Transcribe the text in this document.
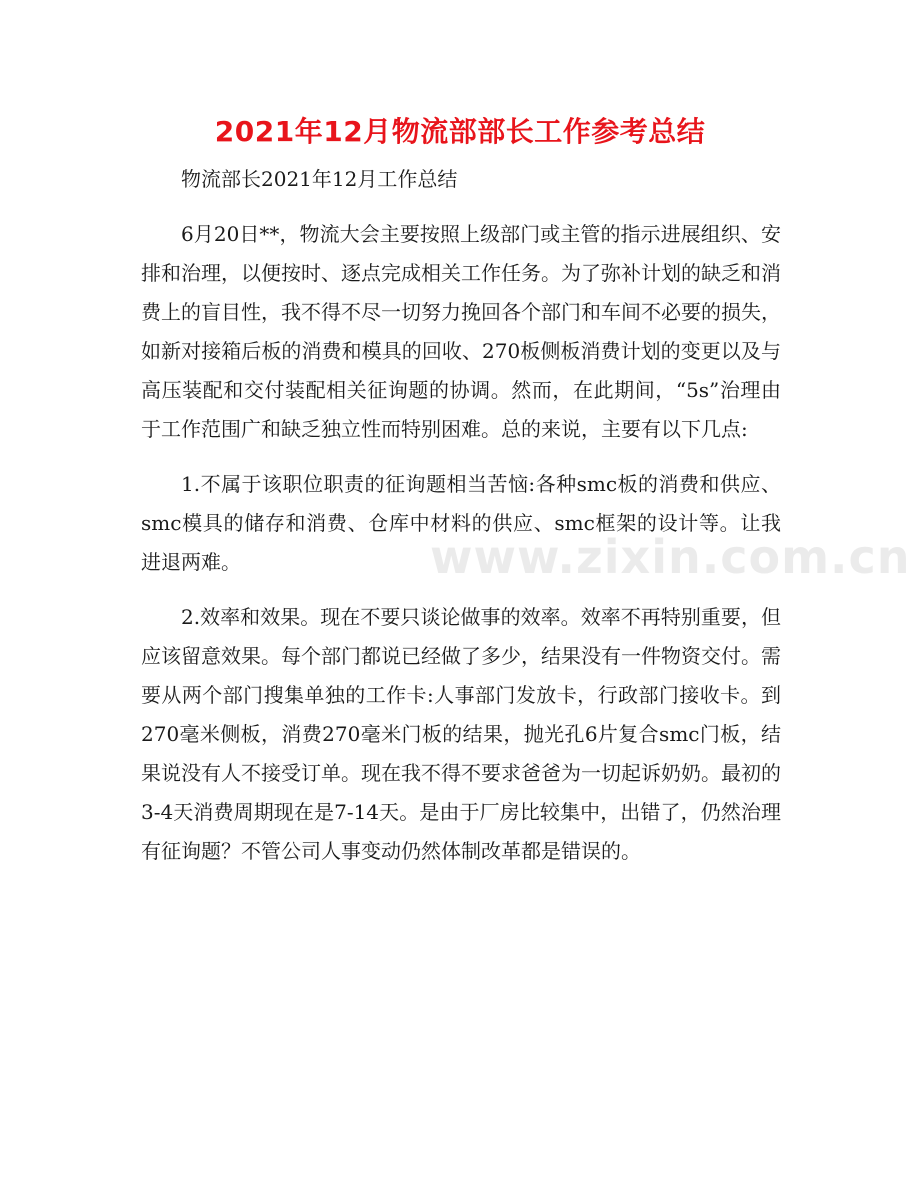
2021年12月物流部部长工作参考总结

物流部长2021年12月工作总结

6月20日**，物流大会主要按照上级部门或主管的指示进展组织、安排和治理，以便按时、逐点完成相关工作任务。为了弥补计划的缺乏和消费上的盲目性，我不得不尽一切努力挽回各个部门和车间不必要的损失，如新对接箱后板的消费和模具的回收、270板侧板消费计划的变更以及与高压装配和交付装配相关征询题的协调。然而，在此期间，“5s”治理由于工作范围广和缺乏独立性而特别困难。总的来说，主要有以下几点:

1.不属于该职位职责的征询题相当苦恼:各种smc板的消费和供应、smc模具的储存和消费、仓库中材料的供应、smc框架的设计等。让我进退两难。

2.效率和效果。现在不要只谈论做事的效率。效率不再特别重要，但应该留意效果。每个部门都说已经做了多少，结果没有一件物资交付。需要从两个部门搜集单独的工作卡:人事部门发放卡，行政部门接收卡。到270毫米侧板，消费270毫米门板的结果，抛光孔6片复合smc门板，结果说没有人不接受订单。现在我不得不要求爸爸为一切起诉奶奶。最初的3-4天消费周期现在是7-14天。是由于厂房比较集中，出错了，仍然治理有征询题？不管公司人事变动仍然体制改革都是错误的。

www.zixin.com.cn
